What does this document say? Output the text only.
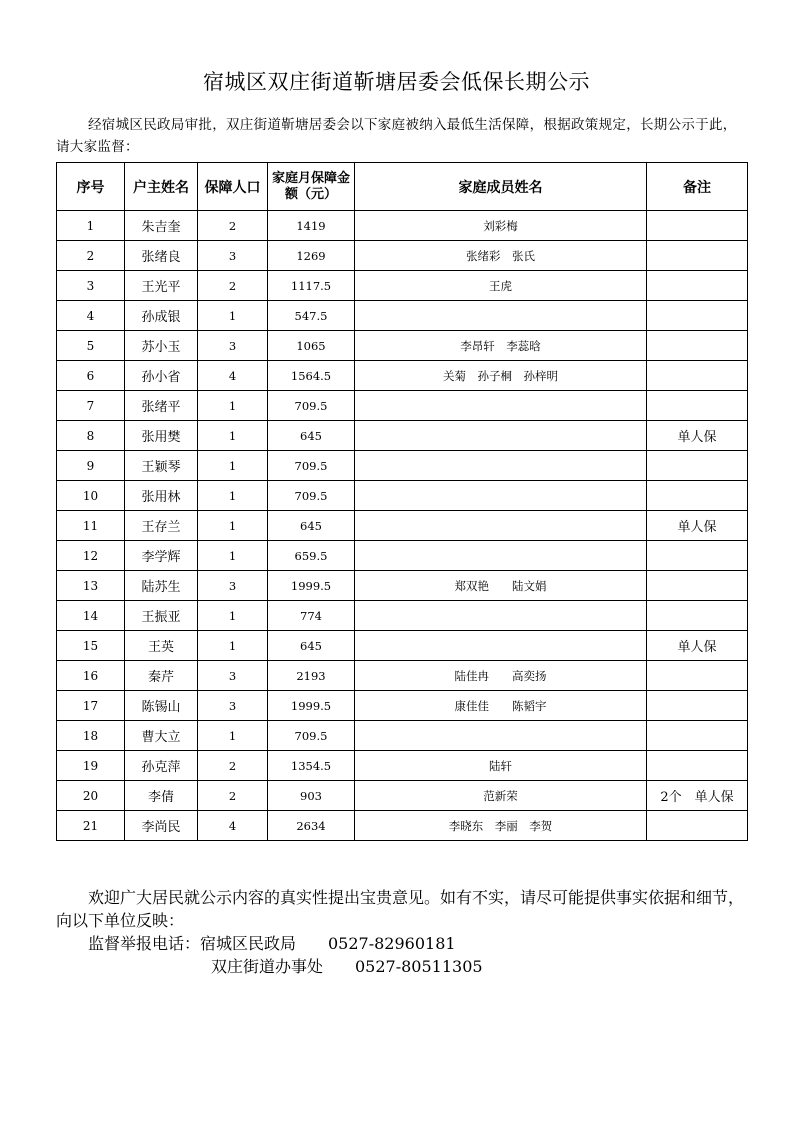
宿城区双庄街道靳塘居委会低保长期公示
经宿城区民政局审批，双庄街道靳塘居委会以下家庭被纳入最低生活保障，根据政策规定，长期公示于此，请大家监督：
序号	户主姓名	保障人口	家庭月保障金额（元）	家庭成员姓名	备注
1	朱吉奎	2	1419	刘彩梅	
2	张绪良	3	1269	张绪彩　张氏	
3	王光平	2	1117.5	王虎	
4	孙成银	1	547.5		
5	苏小玉	3	1065	李昂轩　李蕊晗	
6	孙小省	4	1564.5	关菊　孙子桐　孙梓明	
7	张绪平	1	709.5		
8	张用樊	1	645		单人保
9	王颖琴	1	709.5		
10	张用林	1	709.5		
11	王存兰	1	645		单人保
12	李学辉	1	659.5		
13	陆苏生	3	1999.5	郑双艳　　陆文娟	
14	王振亚	1	774		
15	王英	1	645		单人保
16	秦芹	3	2193	陆佳冉　　高奕扬	
17	陈锡山	3	1999.5	康佳佳　　陈韬宇	
18	曹大立	1	709.5		
19	孙克萍	2	1354.5	陆轩	
20	李倩	2	903	范新荣	2个　单人保
21	李尚民	4	2634	李晓东　李丽　李贺	
欢迎广大居民就公示内容的真实性提出宝贵意见。如有不实，请尽可能提供事实依据和细节，向以下单位反映：
监督举报电话：宿城区民政局　　0527-82960181
双庄街道办事处　　0527-80511305
